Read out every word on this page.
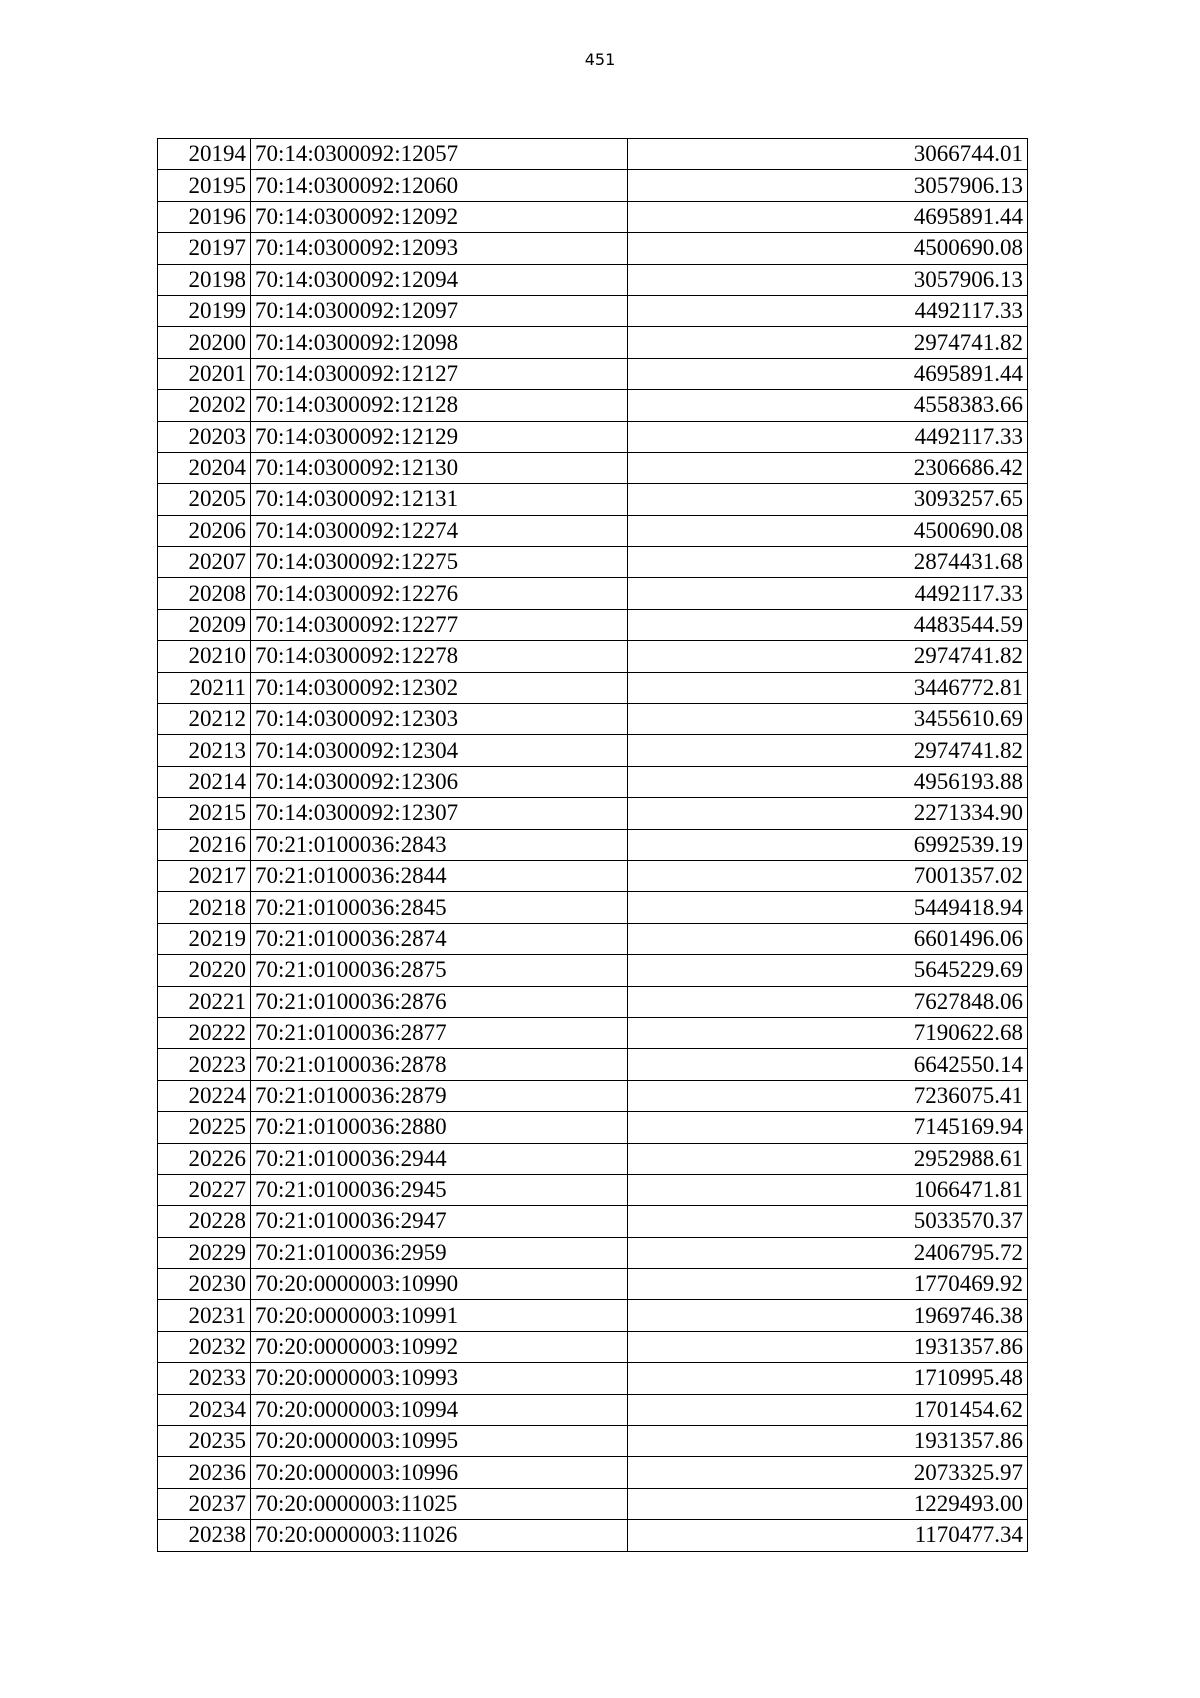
451
20194	70:14:0300092:12057	3066744.01
20195	70:14:0300092:12060	3057906.13
20196	70:14:0300092:12092	4695891.44
20197	70:14:0300092:12093	4500690.08
20198	70:14:0300092:12094	3057906.13
20199	70:14:0300092:12097	4492117.33
20200	70:14:0300092:12098	2974741.82
20201	70:14:0300092:12127	4695891.44
20202	70:14:0300092:12128	4558383.66
20203	70:14:0300092:12129	4492117.33
20204	70:14:0300092:12130	2306686.42
20205	70:14:0300092:12131	3093257.65
20206	70:14:0300092:12274	4500690.08
20207	70:14:0300092:12275	2874431.68
20208	70:14:0300092:12276	4492117.33
20209	70:14:0300092:12277	4483544.59
20210	70:14:0300092:12278	2974741.82
20211	70:14:0300092:12302	3446772.81
20212	70:14:0300092:12303	3455610.69
20213	70:14:0300092:12304	2974741.82
20214	70:14:0300092:12306	4956193.88
20215	70:14:0300092:12307	2271334.90
20216	70:21:0100036:2843	6992539.19
20217	70:21:0100036:2844	7001357.02
20218	70:21:0100036:2845	5449418.94
20219	70:21:0100036:2874	6601496.06
20220	70:21:0100036:2875	5645229.69
20221	70:21:0100036:2876	7627848.06
20222	70:21:0100036:2877	7190622.68
20223	70:21:0100036:2878	6642550.14
20224	70:21:0100036:2879	7236075.41
20225	70:21:0100036:2880	7145169.94
20226	70:21:0100036:2944	2952988.61
20227	70:21:0100036:2945	1066471.81
20228	70:21:0100036:2947	5033570.37
20229	70:21:0100036:2959	2406795.72
20230	70:20:0000003:10990	1770469.92
20231	70:20:0000003:10991	1969746.38
20232	70:20:0000003:10992	1931357.86
20233	70:20:0000003:10993	1710995.48
20234	70:20:0000003:10994	1701454.62
20235	70:20:0000003:10995	1931357.86
20236	70:20:0000003:10996	2073325.97
20237	70:20:0000003:11025	1229493.00
20238	70:20:0000003:11026	1170477.34
